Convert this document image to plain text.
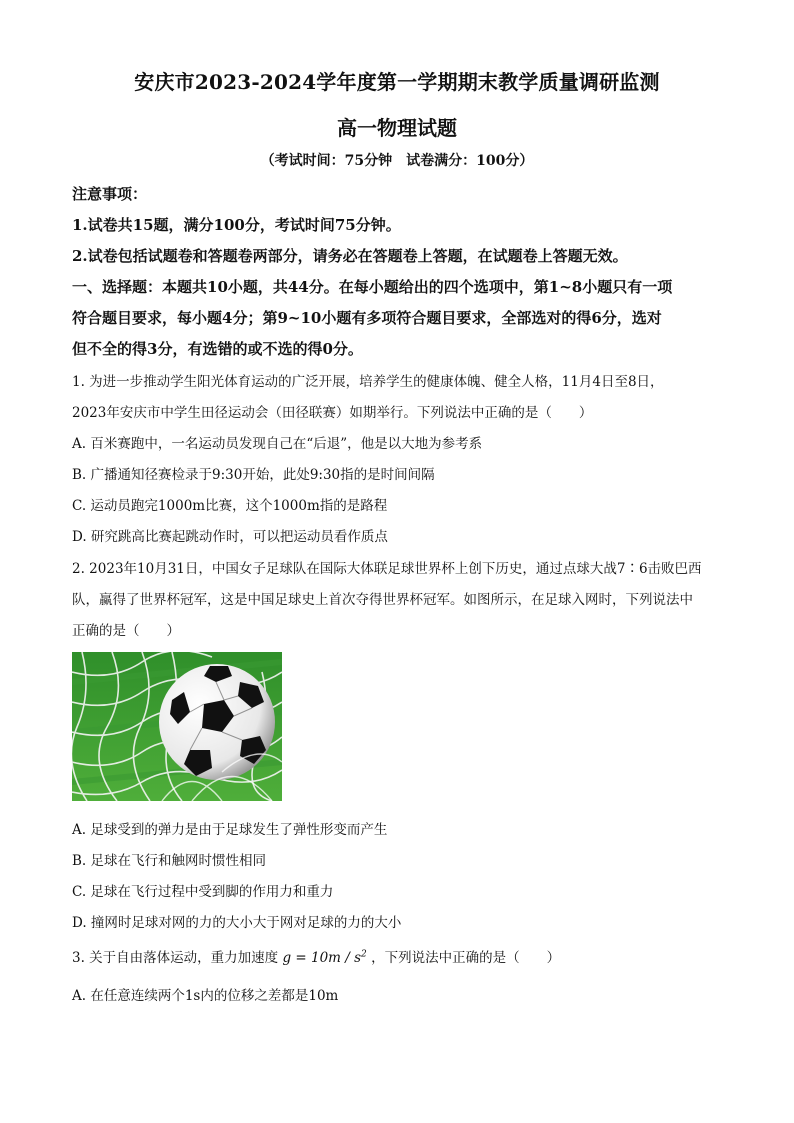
安庆市2023-2024学年度第一学期期末教学质量调研监测
高一物理试题
（考试时间：75分钟　试卷满分：100分）
注意事项：
1.试卷共15题，满分100分，考试时间75分钟。
2.试卷包括试题卷和答题卷两部分，请务必在答题卷上答题，在试题卷上答题无效。
一、选择题：本题共10小题，共44分。在每小题给出的四个选项中，第1~8小题只有一项
符合题目要求，每小题4分；第9~10小题有多项符合题目要求，全部选对的得6分，选对
但不全的得3分，有选错的或不选的得0分。
1. 为进一步推动学生阳光体育运动的广泛开展，培养学生的健康体魄、健全人格，11月4日至8日，
2023年安庆市中学生田径运动会（田径联赛）如期举行。下列说法中正确的是（　　）
A. 百米赛跑中，一名运动员发现自己在“后退”，他是以大地为参考系
B. 广播通知径赛检录于9:30开始，此处9:30指的是时间间隔
C. 运动员跑完1000m比赛，这个1000m指的是路程
D. 研究跳高比赛起跳动作时，可以把运动员看作质点
2. 2023年10月31日，中国女子足球队在国际大体联足球世界杯上创下历史，通过点球大战7∶6击败巴西
队，赢得了世界杯冠军，这是中国足球史上首次夺得世界杯冠军。如图所示，在足球入网时，下列说法中
正确的是（　　）
A. 足球受到的弹力是由于足球发生了弹性形变而产生
B. 足球在飞行和触网时惯性相同
C. 足球在飞行过程中受到脚的作用力和重力
D. 撞网时足球对网的力的大小大于网对足球的力的大小
3. 关于自由落体运动，重力加速度 $g = 10m / s^2$ ，下列说法中正确的是（　　）
A. 在任意连续两个1s内的位移之差都是10m
